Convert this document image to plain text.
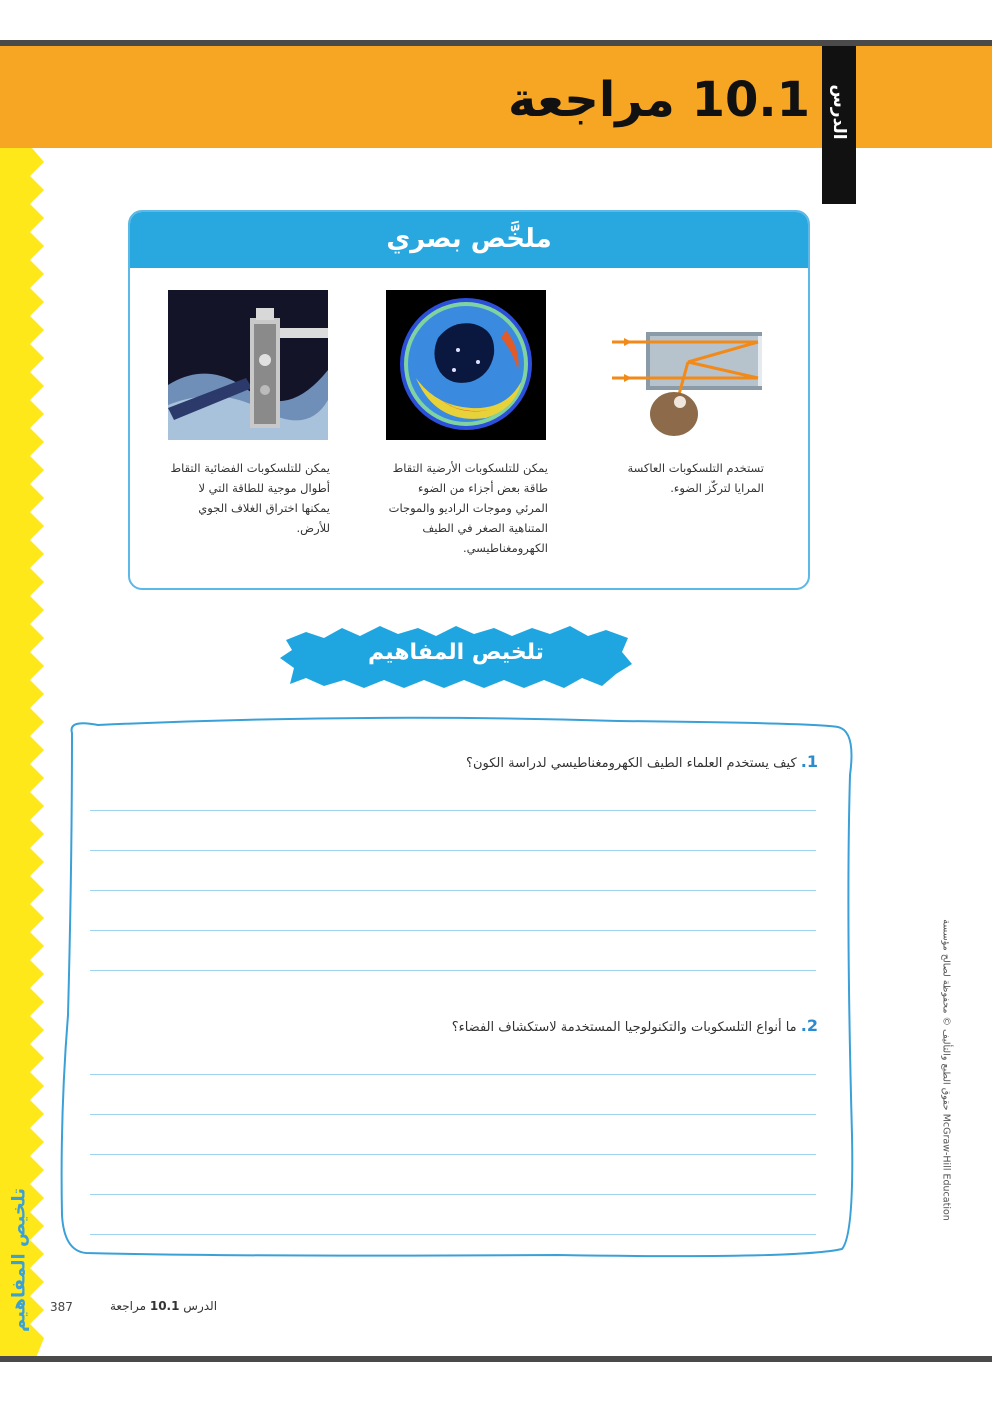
10.1 مراجعة	الدرس
تلخيص المفاهيم
ملخَّص بصري
يمكن للتلسكوبات الفضائية التقاط أطوال موجية للطاقة التي لا يمكنها اختراق الغلاف الجوي للأرض.
يمكن للتلسكوبات الأرضية التقاط طاقة بعض أجزاء من الضوء المرئي وموجات الراديو والموجات المتناهية الصغر في الطيف الكهرومغناطيسي.
تستخدم التلسكوبات العاكسة المرايا لتركّز الضوء.
تلخيص المفاهيم
1. كيف يستخدم العلماء الطيف الكهرومغناطيسي لدراسة الكون؟
2. ما أنواع التلسكوبات والتكنولوجيا المستخدمة لاستكشاف الفضاء؟	حقوق الطبع والتأليف © محفوظة لصالح مؤسسة McGraw-Hill Education
387	الدرس 10.1 مراجعة
